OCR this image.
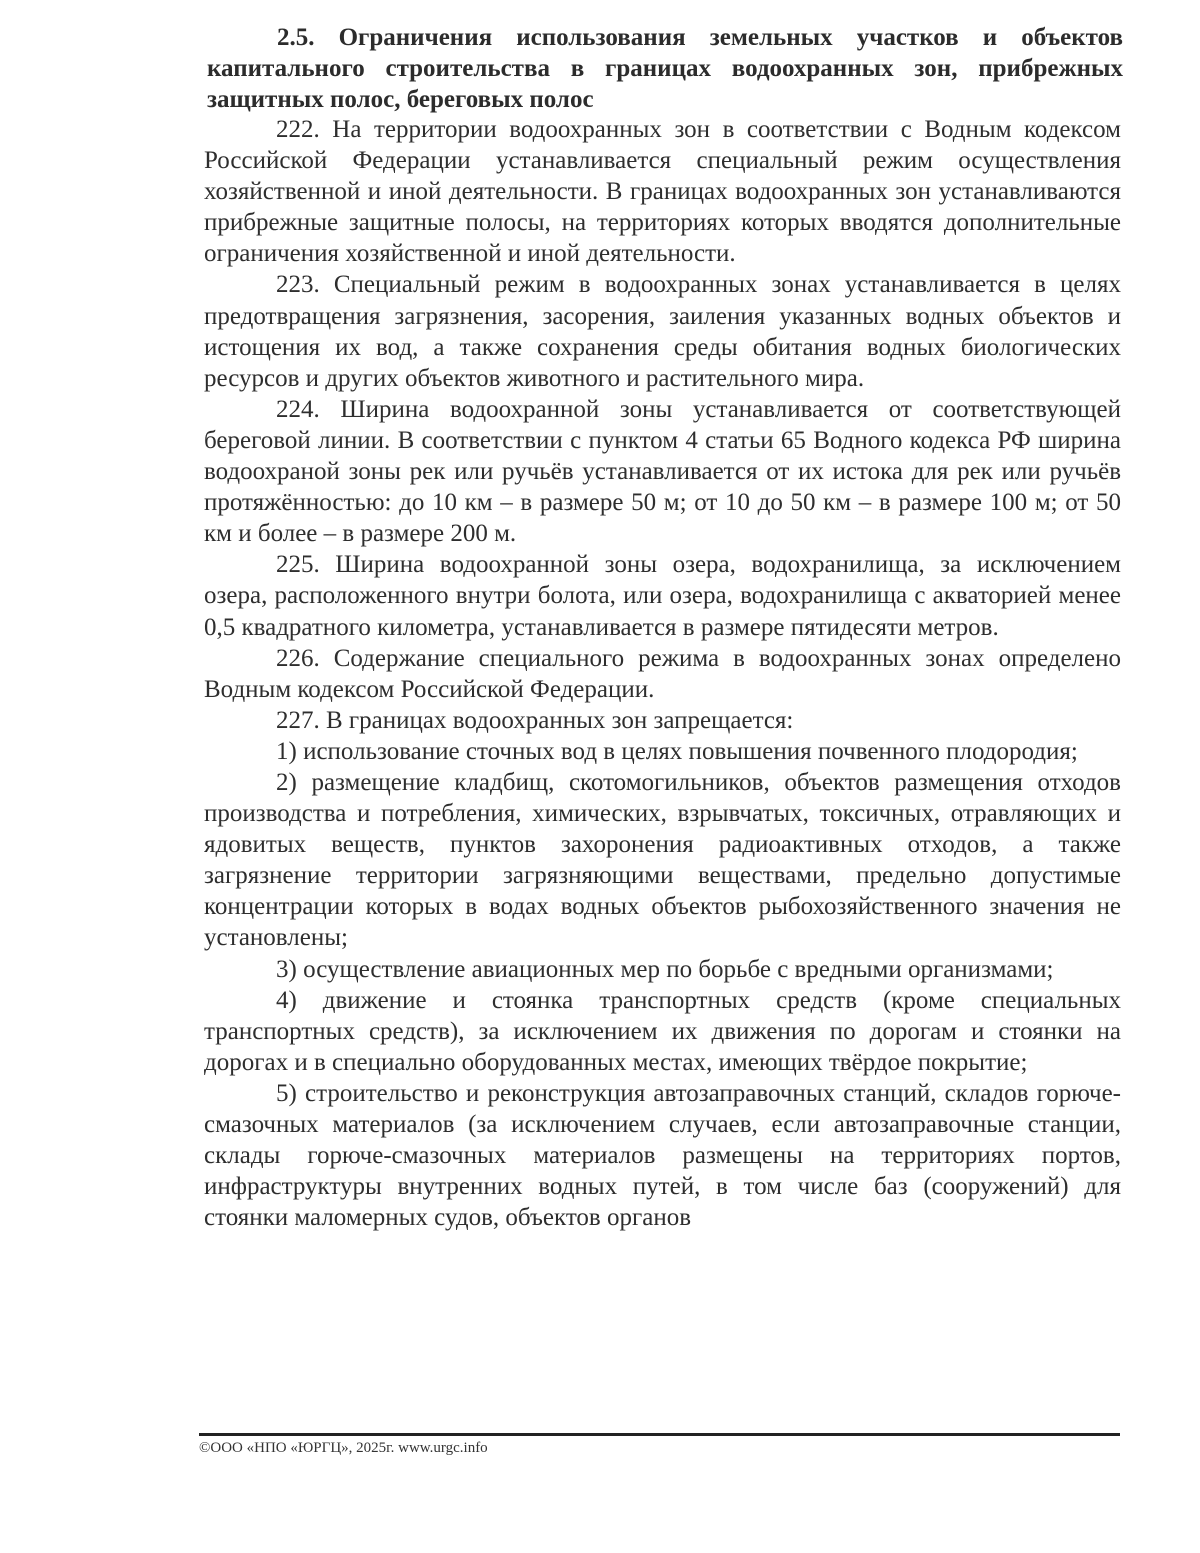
2.5. Ограничения использования земельных участков и объектов капитального строительства в границах водоохранных зон, прибрежных защитных полос, береговых полос

222. На территории водоохранных зон в соответствии с Водным кодексом Российской Федерации устанавливается специальный режим осуществления хозяйственной и иной деятельности. В границах водоохранных зон устанавливаются прибрежные защитные полосы, на территориях которых вводятся дополнительные ограничения хозяйственной и иной деятельности.

223. Специальный режим в водоохранных зонах устанавливается в целях предотвращения загрязнения, засорения, заиления указанных водных объектов и истощения их вод, а также сохранения среды обитания водных биологических ресурсов и других объектов животного и растительного мира.

224. Ширина водоохранной зоны устанавливается от соответствующей береговой линии. В соответствии с пунктом 4 статьи 65 Водного кодекса РФ ширина водоохраной зоны рек или ручьёв устанавливается от их истока для рек или ручьёв протяжённостью: до 10 км – в размере 50 м; от 10 до 50 км – в размере 100 м; от 50 км и более – в размере 200 м.

225. Ширина водоохранной зоны озера, водохранилища, за исключением озера, расположенного внутри болота, или озера, водохранилища с акваторией менее 0,5 квадратного километра, устанавливается в размере пятидесяти метров.

226. Содержание специального режима в водоохранных зонах определено Водным кодексом Российской Федерации.

227. В границах водоохранных зон запрещается:

1) использование сточных вод в целях повышения почвенного плодородия;

2) размещение кладбищ, скотомогильников, объектов размещения отходов производства и потребления, химических, взрывчатых, токсичных, отравляющих и ядовитых веществ, пунктов захоронения радиоактивных отходов, а также загрязнение территории загрязняющими веществами, предельно допустимые концентрации которых в водах водных объектов рыбохозяйственного значения не установлены;

3) осуществление авиационных мер по борьбе с вредными организмами;

4) движение и стоянка транспортных средств (кроме специальных транспортных средств), за исключением их движения по дорогам и стоянки на дорогах и в специально оборудованных местах, имеющих твёрдое покрытие;

5) строительство и реконструкция автозаправочных станций, складов горюче-смазочных материалов (за исключением случаев, если автозаправочные станции, склады горюче-смазочных материалов размещены на территориях портов, инфраструктуры внутренних водных путей, в том числе баз (сооружений) для стоянки маломерных судов, объектов органов

©ООО «НПО «ЮРГЦ», 2025г. www.urgc.info
